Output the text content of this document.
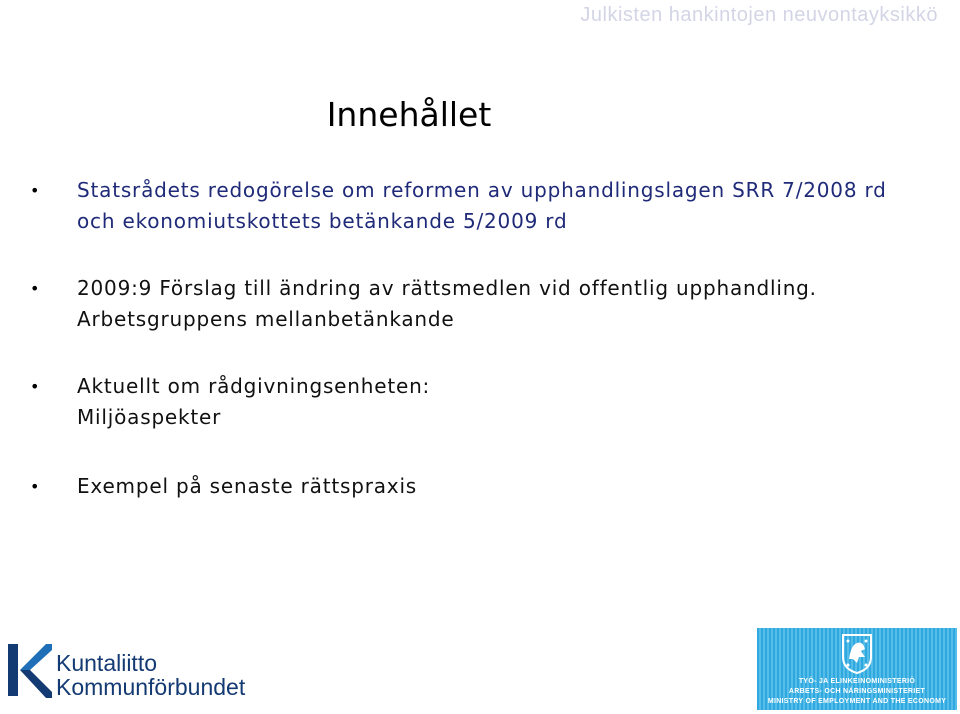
Julkisten hankintojen neuvontayksikkö
Innehållet
• Statsrådets redogörelse om reformen av upphandlingslagen SRR 7/2008 rd och ekonomiutskottets betänkande 5/2009 rd
• 2009:9 Förslag till ändring av rättsmedlen vid offentlig upphandling. Arbetsgruppens mellanbetänkande
• Aktuellt om rådgivningsenheten:
Miljöaspekter
• Exempel på senaste rättspraxis
Kuntaliitto
Kommunförbundet	TYÖ- JA ELINKEINOMINISTERIÖ
ARBETS- OCH NÄRINGSMINISTERIET
MINISTRY OF EMPLOYMENT AND THE ECONOMY
